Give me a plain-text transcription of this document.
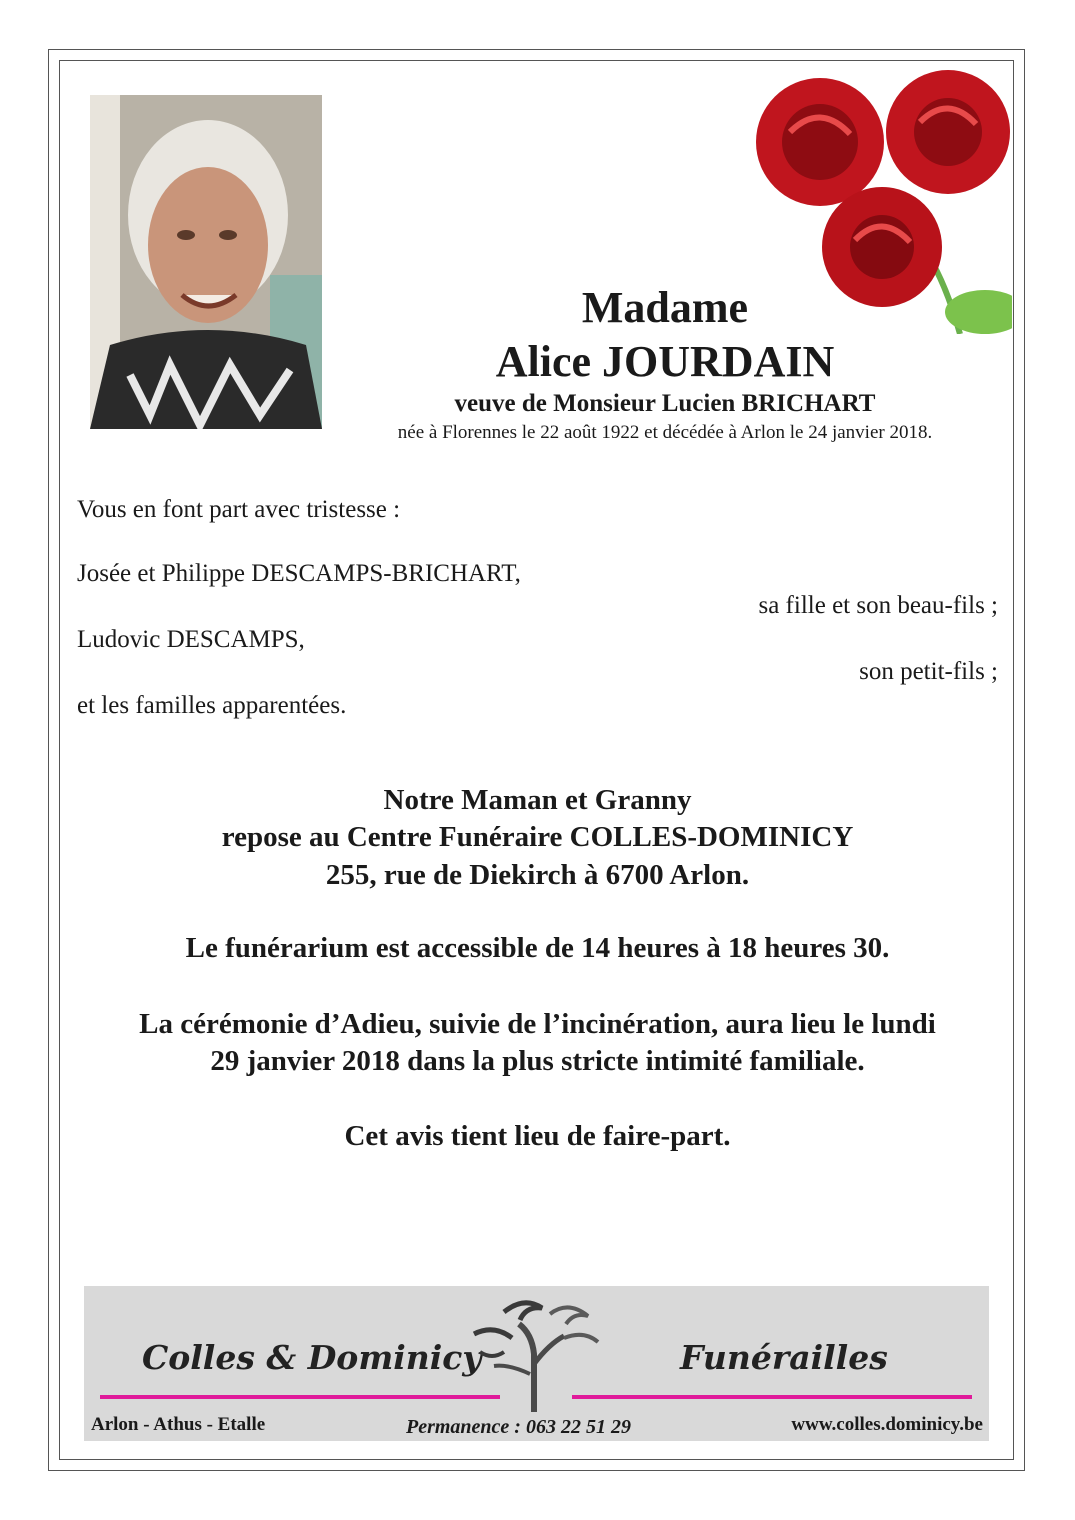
Madame
Alice JOURDAIN
veuve de Monsieur Lucien BRICHART
née à Florennes le 22 août 1922 et décédée à Arlon le 24 janvier 2018.
Vous en font part avec tristesse :
Josée et Philippe DESCAMPS-BRICHART,
sa fille et son beau-fils ;
Ludovic DESCAMPS,
son petit-fils ;
et les familles apparentées.
Notre Maman et Granny
repose au Centre Funéraire COLLES-DOMINICY
255, rue de Diekirch à 6700 Arlon.
Le funérarium est accessible de 14 heures à 18 heures 30.
La cérémonie d’Adieu, suivie de l’incinération, aura lieu le lundi
29 janvier 2018 dans la plus stricte intimité familiale.
Cet avis tient lieu de faire-part.
Colles & Dominicy	Funérailles
Arlon - Athus - Etalle	Permanence : 063 22 51 29	www.colles.dominicy.be
